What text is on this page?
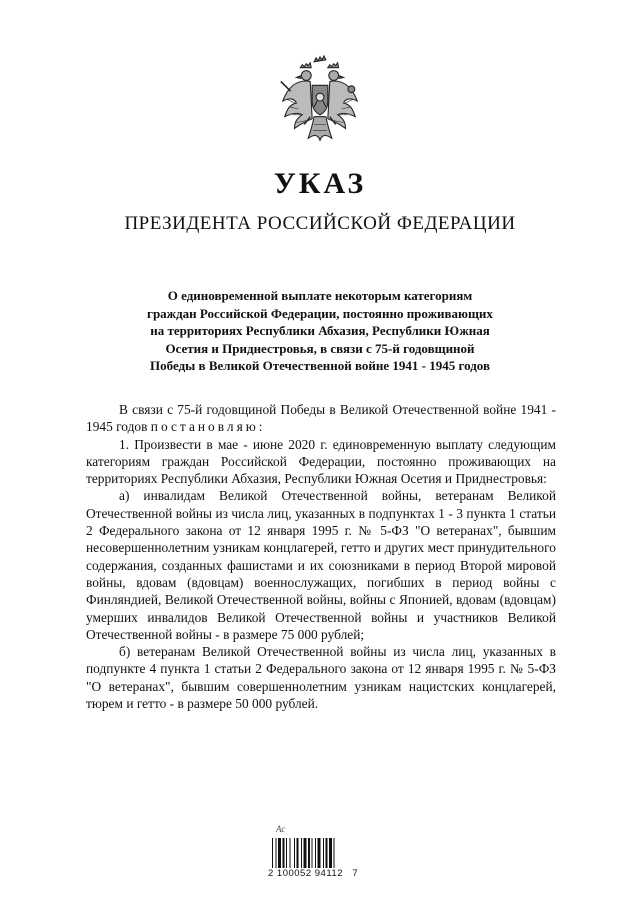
УКАЗ
ПРЕЗИДЕНТА РОССИЙСКОЙ ФЕДЕРАЦИИ
О единовременной выплате некоторым категориям
граждан Российской Федерации, постоянно проживающих
на территориях Республики Абхазия, Республики Южная
Осетия и Приднестровья, в связи с 75-й годовщиной
Победы в Великой Отечественной войне 1941 - 1945 годов

В связи с 75-й годовщиной Победы в Великой Отечественной войне 1941 - 1945 годов постановляю:

1. Произвести в мае - июне 2020 г. единовременную выплату следующим категориям граждан Российской Федерации, постоянно проживающих на территориях Республики Абхазия, Республики Южная Осетия и Приднестровья:

а) инвалидам Великой Отечественной войны, ветеранам Великой Отечественной войны из числа лиц, указанных в подпунктах 1 - 3 пункта 1 статьи 2 Федерального закона от 12 января 1995 г. № 5-ФЗ "О ветеранах", бывшим несовершеннолетним узникам концлагерей, гетто и других мест принудительного содержания, созданных фашистами и их союзниками в период Второй мировой войны, вдовам (вдовцам) военнослужащих, погибших в период войны с Финляндией, Великой Отечественной войны, войны с Японией, вдовам (вдовцам) умерших инвалидов Великой Отечественной войны и участников Великой Отечественной войны - в размере 75 000 рублей;

б) ветеранам Великой Отечественной войны из числа лиц, указанных в подпункте 4 пункта 1 статьи 2 Федерального закона от 12 января 1995 г. № 5-ФЗ "О ветеранах", бывшим совершеннолетним узникам нацистских концлагерей, тюрем и гетто - в размере 50 000 рублей.

Ас
2 100052 94112   7
